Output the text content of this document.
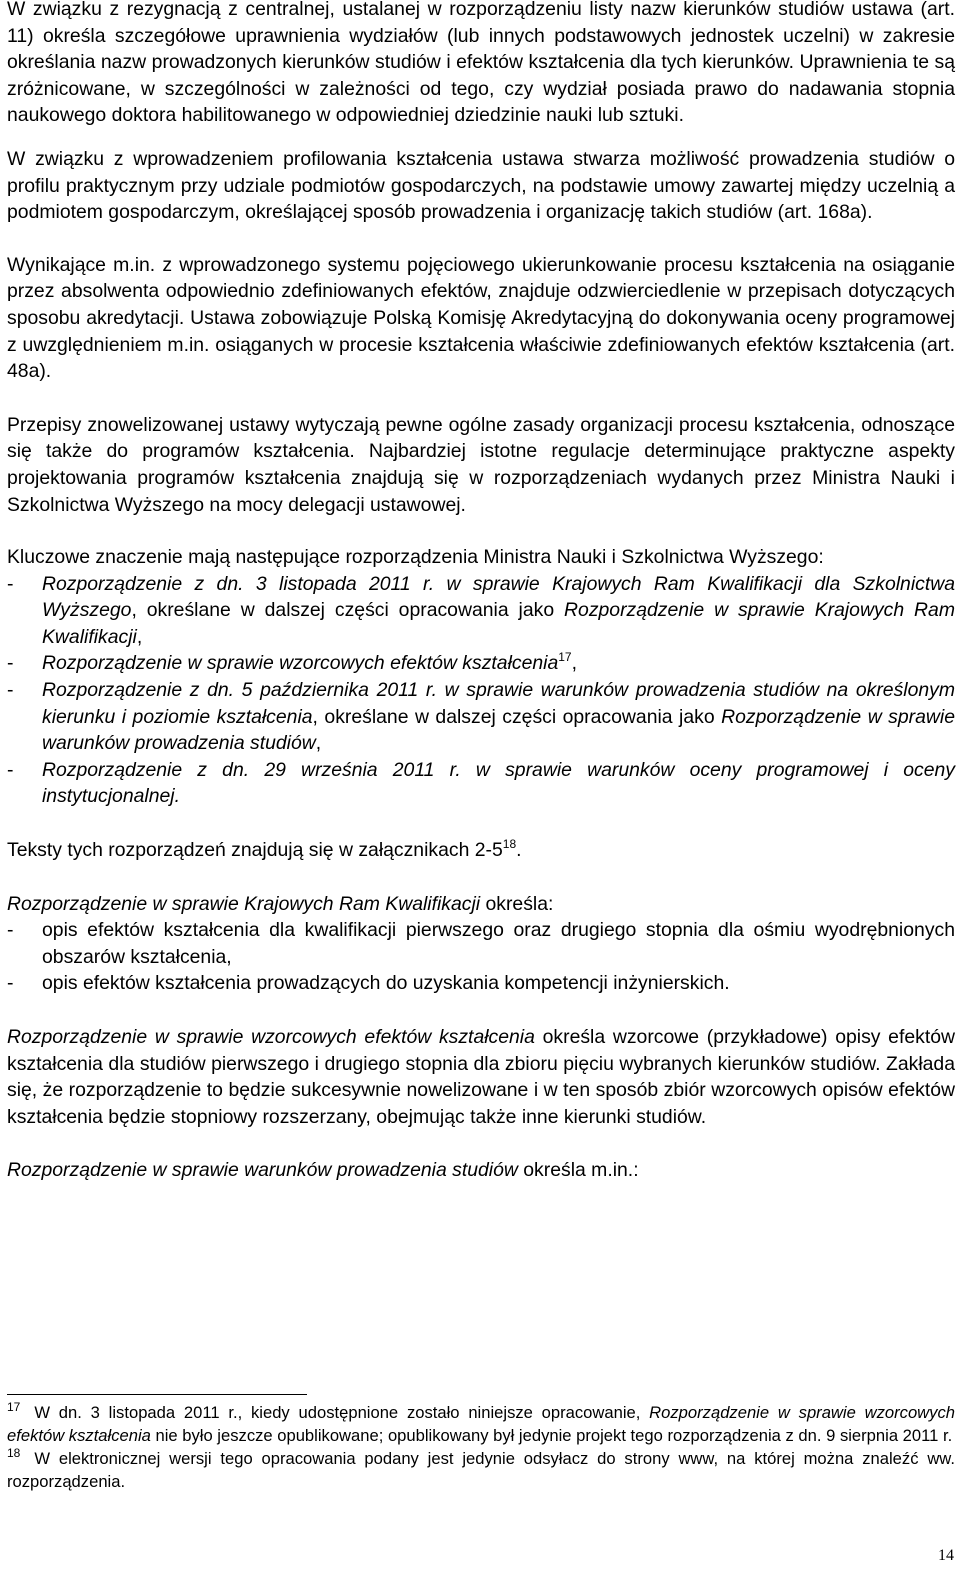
W związku z rezygnacją z centralnej, ustalanej w rozporządzeniu listy nazw kierunków studiów ustawa (art. 11) określa szczegółowe uprawnienia wydziałów (lub innych podstawowych jednostek uczelni) w zakresie określania nazw prowadzonych kierunków studiów i efektów kształcenia dla tych kierunków. Uprawnienia te są zróżnicowane, w szczególności w zależności od tego, czy wydział posiada prawo do nadawania stopnia naukowego doktora habilitowanego w odpowiedniej dziedzinie nauki lub sztuki.

W związku z wprowadzeniem profilowania kształcenia ustawa stwarza możliwość prowadzenia studiów o profilu praktycznym przy udziale podmiotów gospodarczych, na podstawie umowy zawartej między uczelnią a podmiotem gospodarczym, określającej sposób prowadzenia i organizację takich studiów (art. 168a).

Wynikające m.in. z wprowadzonego systemu pojęciowego ukierunkowanie procesu kształcenia na osiąganie przez absolwenta odpowiednio zdefiniowanych efektów, znajduje odzwierciedlenie w przepisach dotyczących sposobu akredytacji. Ustawa zobowiązuje Polską Komisję Akredytacyjną do dokonywania oceny programowej z uwzględnieniem m.in. osiąganych w procesie kształcenia właściwie zdefiniowanych efektów kształcenia (art. 48a).

Przepisy znowelizowanej ustawy wytyczają pewne ogólne zasady organizacji procesu kształcenia, odnoszące się także do programów kształcenia. Najbardziej istotne regulacje determinujące praktyczne aspekty projektowania programów kształcenia znajdują się w rozporządzeniach wydanych przez Ministra Nauki i Szkolnictwa Wyższego na mocy delegacji ustawowej.

Kluczowe znaczenie mają następujące rozporządzenia Ministra Nauki i Szkolnictwa Wyższego:

- Rozporządzenie z dn. 3 listopada 2011 r. w sprawie Krajowych Ram Kwalifikacji dla Szkolnictwa Wyższego, określane w dalszej części opracowania jako Rozporządzenie w sprawie Krajowych Ram Kwalifikacji,
- Rozporządzenie w sprawie wzorcowych efektów kształcenia$^{17}$,
- Rozporządzenie z dn. 5 października 2011 r. w sprawie warunków prowadzenia studiów na określonym kierunku i poziomie kształcenia, określane w dalszej części opracowania jako Rozporządzenie w sprawie warunków prowadzenia studiów,
- Rozporządzenie z dn. 29 września 2011 r. w sprawie warunków oceny programowej i oceny instytucjonalnej.

Teksty tych rozporządzeń znajdują się w załącznikach $2-5^{18}$.

Rozporządzenie w sprawie Krajowych Ram Kwalifikacji określa:

- opis efektów kształcenia dla kwalifikacji pierwszego oraz drugiego stopnia dla ośmiu wyodrębnionych obszarów kształcenia,
- opis efektów kształcenia prowadzących do uzyskania kompetencji inżynierskich.

Rozporządzenie w sprawie wzorcowych efektów kształcenia określa wzorcowe (przykładowe) opisy efektów kształcenia dla studiów pierwszego i drugiego stopnia dla zbioru pięciu wybranych kierunków studiów. Zakłada się, że rozporządzenie to będzie sukcesywnie nowelizowane i w ten sposób zbiór wzorcowych opisów efektów kształcenia będzie stopniowy rozszerzany, obejmując także inne kierunki studiów.

Rozporządzenie w sprawie warunków prowadzenia studiów określa m.in.:

$^{17}$ W dn. 3 listopada 2011 r., kiedy udostępnione zostało niniejsze opracowanie, Rozporządzenie w sprawie wzorcowych efektów kształcenia nie było jeszcze opublikowane; opublikowany był jedynie projekt tego rozporządzenia z dn. 9 sierpnia 2011 r.

$^{18}$ W elektronicznej wersji tego opracowania podany jest jedynie odsyłacz do strony www, na której można znaleźć ww. rozporządzenia.

14
